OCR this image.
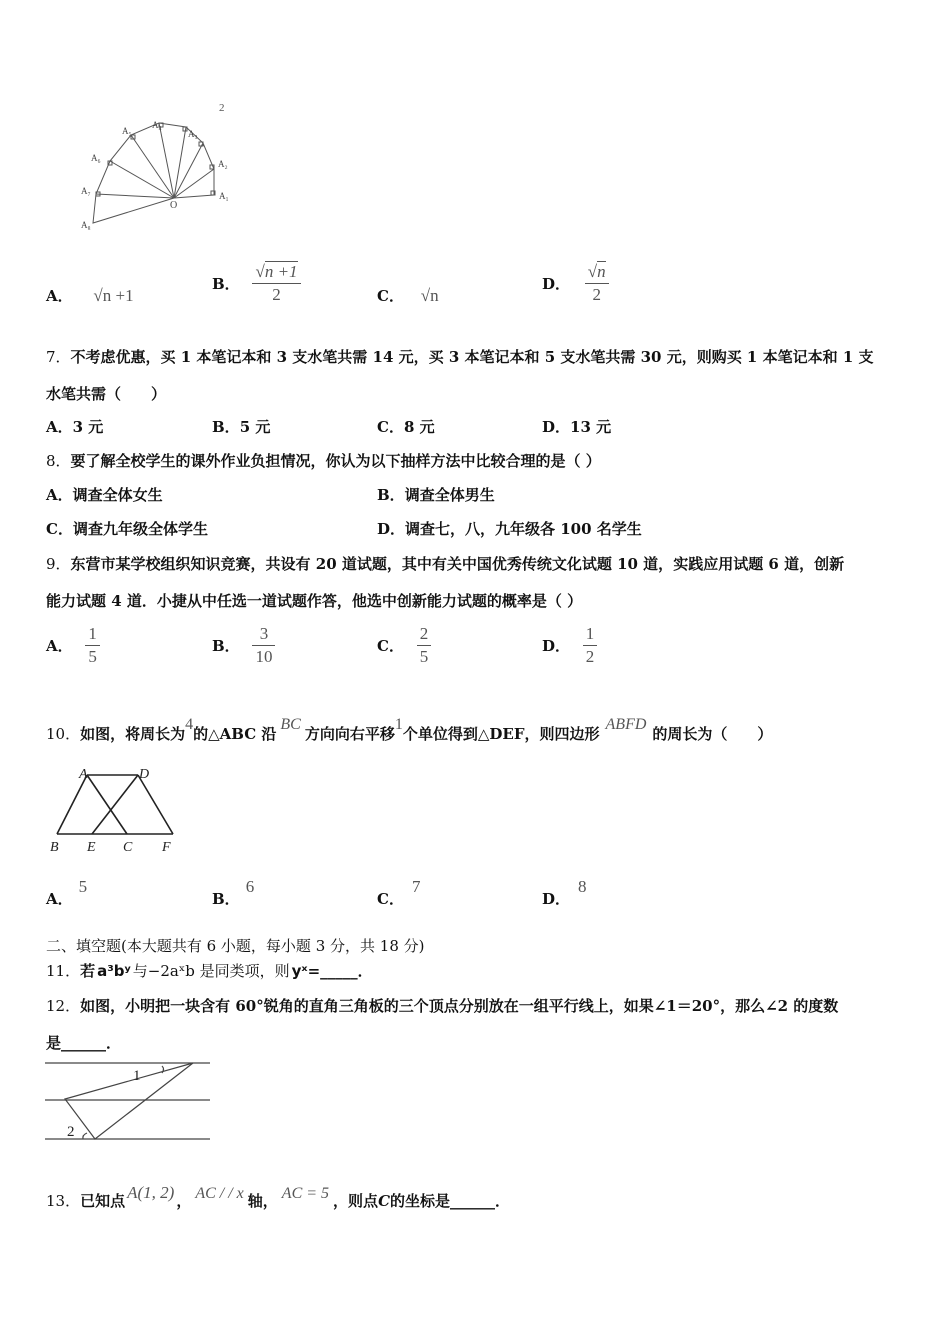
2
A₅
A₄
A₃
A₆
A₂
A₇	A₁
O
A₈
A． √n +1
B． $\frac{√n +1}{2}$	C． √n
D． $\frac{√n}{2}$
7．不考虑优惠，买 1 本笔记本和 3 支水笔共需 14 元，买 3 本笔记本和 5 支水笔共需 30 元，则购买 1 本笔记本和 1 支
水笔共需（　　）
A．3 元	B．5 元	C．8 元	D．13 元
8．要了解全校学生的课外作业负担情况，你认为以下抽样方法中比较合理的是（ ）
A．调查全体女生	B．调查全体男生
C．调查九年级全体学生	D．调查七，八，九年级各 100 名学生
9．东营市某学校组织知识竞赛，共设有 20 道试题，其中有关中国优秀传统文化试题 10 道，实践应用试题 6 道，创新
能力试题 4 道．小捷从中任选一道试题作答，他选中创新能力试题的概率是（ ）
A． $\frac{1}{5}$	B． $\frac{3}{10}$	C． $\frac{2}{5}$	D． $\frac{1}{2}$
10．如图，将周长为$^4$的△ABC 沿$^{BC}$方向向右平移$^1$个单位得到△DEF，则四边形$^{ABFD}$的周长为（　　）
A	D
B E C F
A．5
B．6
C．7
D．8
二、填空题(本大题共有 6 小题，每小题 3 分，共 18 分)
11．若 a³bʸ 与−2aˣb 是同类项，则 yˣ=_____．
12．如图，小明把一块含有 60°锐角的直角三角板的三个顶点分别放在一组平行线上，如果∠1＝20°，那么∠2 的度数
是______．
1
2
13．已知点 $^{A(1, 2)}$ ， $^{AC / / x}$ 轴， $^{AC = 5}$ ，则点C的坐标是______．
